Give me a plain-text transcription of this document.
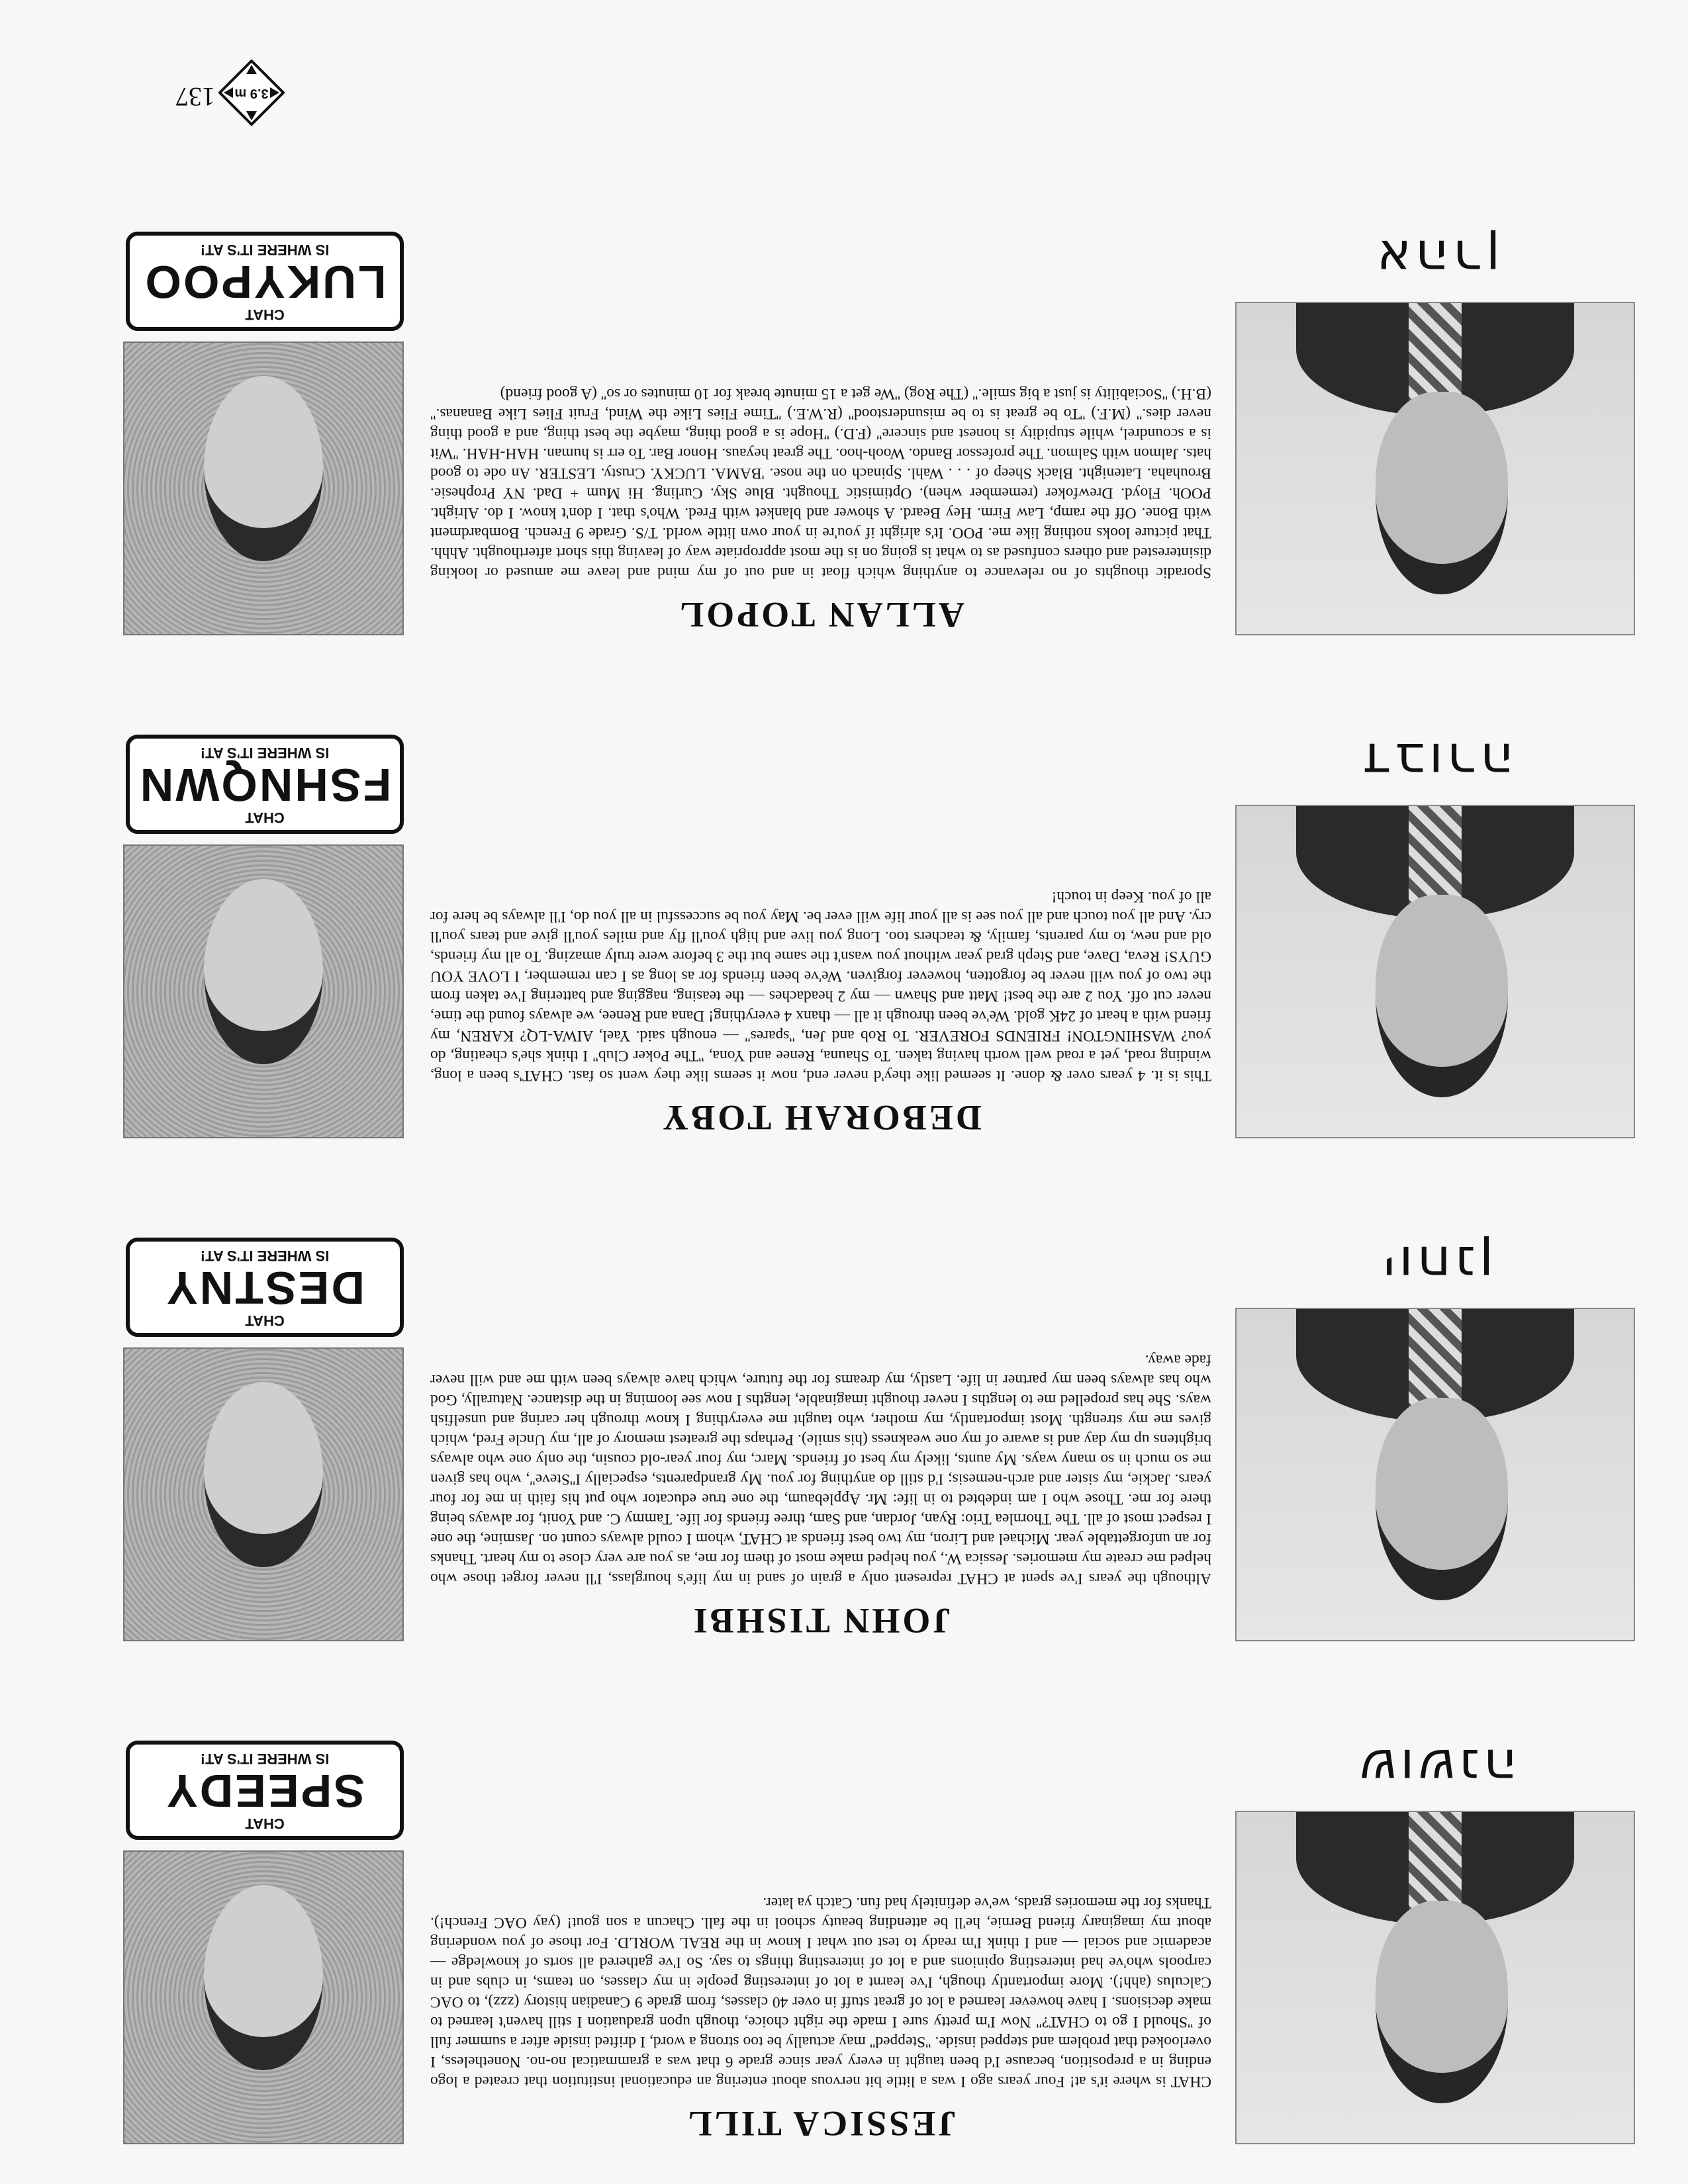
שושנה
JESSICA TILL

CHAT is where it's at! Four years ago I was a little bit nervous about entering an educational institution that created a logo ending in a preposition, because I'd been taught in every year since grade 6 that was a grammatical no-no. Nonetheless, I overlooked that problem and stepped inside. ''Stepped'' may actually be too strong a word, I drifted inside after a summer full of ''Should I go to CHAT?'' Now I'm pretty sure I made the right choice, though upon graduation I still haven't learned to make decisions. I have however learned a lot of great stuff in over 40 classes, from grade 9 Canadian history (zzz), to OAC Calculus (ahh!). More importantly though, I've learnt a lot of interesting people in my classes, on teams, in clubs and in carpools who've had interesting opinions and a lot of interesting things to say. So I've gathered all sorts of knowledge — academic and social — and I think I'm ready to test out what I know in the REAL WORLD. For those of you wondering about my imaginary friend Bernie, he'll be attending beauty school in the fall. Chacun a son gout! (yay OAC French!). Thanks for the memories grads, we've definitely had fun. Catch ya later.

CHAT
SPEEDY
IS WHERE IT'S AT!
יוחנן
JOHN TISHBI

Although the years I've spent at CHAT represent only a grain of sand in my life's hourglass, I'll never forget those who helped me create my memories. Jessica W., you helped make most of them for me, as you are very close to my heart. Thanks for an unforgettable year. Michael and Liron, my two best friends at CHAT, whom I could always count on. Jasmine, the one I respect most of all. The Thornlea Trio: Ryan, Jordan, and Sam, three friends for life. Tammy C. and Yonit, for always being there for me. Those who I am indebted to in life: Mr. Applebaum, the one true educator who put his faith in me for four years. Jackie, my sister and arch-nemesis; I'd still do anything for you. My grandparents, especially I''Steve'', who has given me so much in so many ways. My aunts, likely my best of friends. Marc, my four year-old cousin, the only one who always brightens up my day and is aware of my one weakness (his smile). Perhaps the greatest memory of all, my Uncle Fred, which gives me my strength. Most importantly, my mother, who taught me everything I know through her caring and unselfish ways. She has propelled me to lengths I never thought imaginable, lengths I now see looming in the distance. Naturally, God who has always been my partner in life. Lastly, my dreams for the future, which have always been with me and will never fade away.

CHAT
DESTNY
IS WHERE IT'S AT!
דבורה
DEBORAH TOBY

This is it. 4 years over & done. It seemed like they'd never end, now it seems like they went so fast. CHAT's been a long, winding road, yet a road well worth having taken. To Shauna, Renee and Yona, ''The Poker Club'' I think she's cheating, do you? WASHINGTON! FRIENDS FOREVER. To Rob and Jen, ''spares'' — enough said. Yael, AIWA-LQ? KAREN, my friend with a heart of 24K gold. We've been through it all — thanx 4 everything! Dana and Renee, we always found the time, never cut off. You 2 are the best! Matt and Shawn — my 2 headaches — the teasing, nagging and battering I've taken from the two of you will never be forgotten, however forgiven. We've been friends for as long as I can remember, I LOVE YOU GUYS! Reva, Dave, and Steph grad year without you wasn't the same but the 3 before were truly amazing. To all my friends, old and new, to my parents, family, & teachers too. Long you live and high you'll fly and miles you'll give and tears you'll cry. And all you touch and all you see is all your life will ever be. May you be successful in all you do, I'll always be here for all of you. Keep in touch!

CHAT
FSHNQWN
IS WHERE IT'S AT!
אהרן
ALLAN TOPOL

Sporadic thoughts of no relevance to anything which float in and out of my mind and leave me amused or looking disinterested and others confused as to what is going on is the most appropriate way of leaving this short afterthought. Ahhh. That picture looks nothing like me. POO. It's alright if you're in your own little world. T/S. Grade 9 French. Bombardment with Bone. Off the ramp, Law Firm. Hey Beard. A shower and blanket with Fred. Who's that. I don't know. I do. Alright. POOh. Floyd. Drewfoker (remember when). Optimistic Thought. Blue Sky. Curling. Hi Mum + Dad. NY Prophesie. Brouhaha. Latenight. Black Sheep of . . . Wahl. Spinach on the nose. 'BAMA. LUCKY. Crusty. LESTER. An ode to good hats. Jalmon with Salmon. The professor Bando. Wooh-hoo. The great heyaus. Honor Bar. To err is human. HAH-HAH. ''Wit is a scoundrel, while stupidity is honest and sincere'' (F.D.) ''Hope is a good thing, maybe the best thing, and a good thing never dies.'' (M.F.) ''To be great is to be misunderstood'' (R.W.E.) ''Time Flies Like the Wind, Fruit Flies Like Bananas.'' (B.H.) ''Sociability is just a big smile.'' (The Rog) ''We get a 15 minute break for 10 minutes or so'' (A good friend)

CHAT
LUKYPOO
IS WHERE IT'S AT!
3.9 m
137
